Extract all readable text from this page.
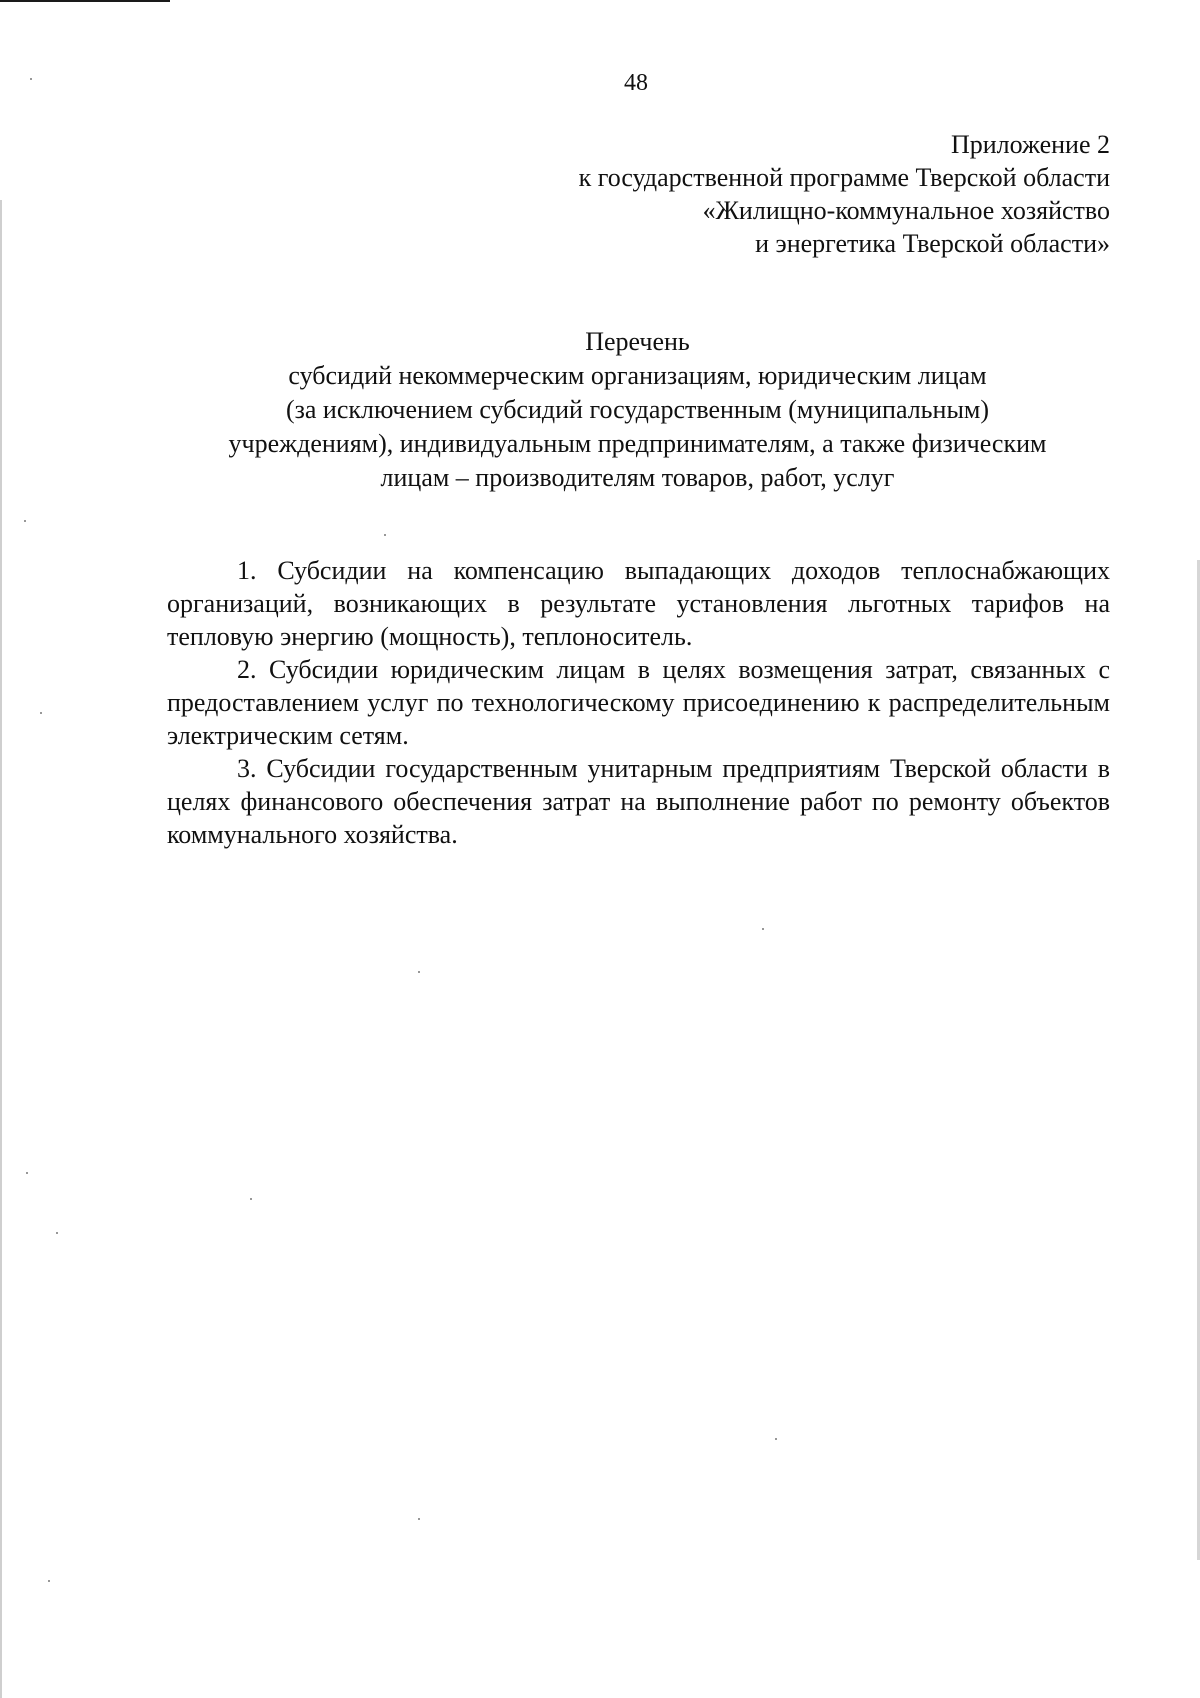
48
Приложение 2
к государственной программе Тверской области
«Жилищно-коммунальное хозяйство
и энергетика Тверской области»
Перечень
субсидий некоммерческим организациям, юридическим лицам
(за исключением субсидий государственным (муниципальным)
учреждениям), индивидуальным предпринимателям, а также физическим
лицам – производителям товаров, работ, услуг

1. Субсидии на компенсацию выпадающих доходов теплоснабжающих организаций, возникающих в результате установления льготных тарифов на тепловую энергию (мощность), теплоноситель.

2. Субсидии юридическим лицам в целях возмещения затрат, связанных с предоставлением услуг по технологическому присоединению к распределительным электрическим сетям.

3. Субсидии государственным унитарным предприятиям Тверской области в целях финансового обеспечения затрат на выполнение работ по ремонту объектов коммунального хозяйства.
